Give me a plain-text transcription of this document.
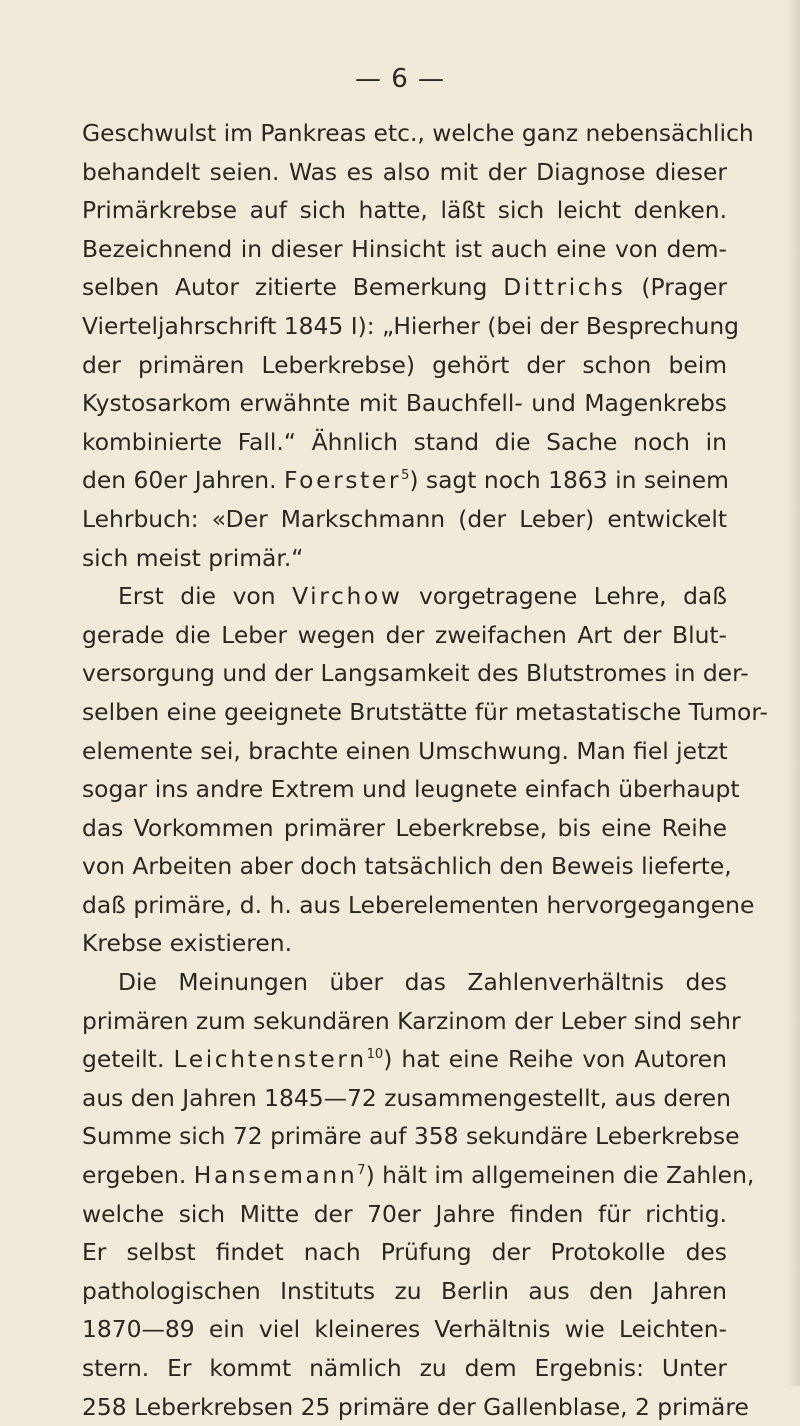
— 6 —
Geschwulst im Pankreas etc., welche ganz nebensächlich
behandelt seien. Was es also mit der Diagnose dieser
Primärkrebse auf sich hatte, läßt sich leicht denken.
Bezeichnend in dieser Hinsicht ist auch eine von dem-
selben Autor zitierte Bemerkung Dittrichs (Prager
Vierteljahrschrift 1845 I): „Hierher (bei der Besprechung
der primären Leberkrebse) gehört der schon beim
Kystosarkom erwähnte mit Bauchfell- und Magenkrebs
kombinierte Fall.“ Ähnlich stand die Sache noch in
den 60er Jahren. Foerster$^5$) sagt noch 1863 in seinem
Lehrbuch: «Der Markschmann (der Leber) entwickelt
sich meist primär.“
Erst die von Virchow vorgetragene Lehre, daß
gerade die Leber wegen der zweifachen Art der Blut-
versorgung und der Langsamkeit des Blutstromes in der-
selben eine geeignete Brutstätte für metastatische Tumor-
elemente sei, brachte einen Umschwung. Man fiel jetzt
sogar ins andre Extrem und leugnete einfach überhaupt
das Vorkommen primärer Leberkrebse, bis eine Reihe
von Arbeiten aber doch tatsächlich den Beweis lieferte,
daß primäre, d. h. aus Leberelementen hervorgegangene
Krebse existieren.
Die Meinungen über das Zahlenverhältnis des
primären zum sekundären Karzinom der Leber sind sehr
geteilt. Leichtenstern$^{10}$) hat eine Reihe von Autoren
aus den Jahren 1845—72 zusammengestellt, aus deren
Summe sich 72 primäre auf 358 sekundäre Leberkrebse
ergeben. Hansemann$^7$) hält im allgemeinen die Zahlen,
welche sich Mitte der 70er Jahre finden für richtig.
Er selbst findet nach Prüfung der Protokolle des
pathologischen Instituts zu Berlin aus den Jahren
1870—89 ein viel kleineres Verhältnis wie Leichten-
stern. Er kommt nämlich zu dem Ergebnis: Unter
258 Leberkrebsen 25 primäre der Gallenblase, 2 primäre
